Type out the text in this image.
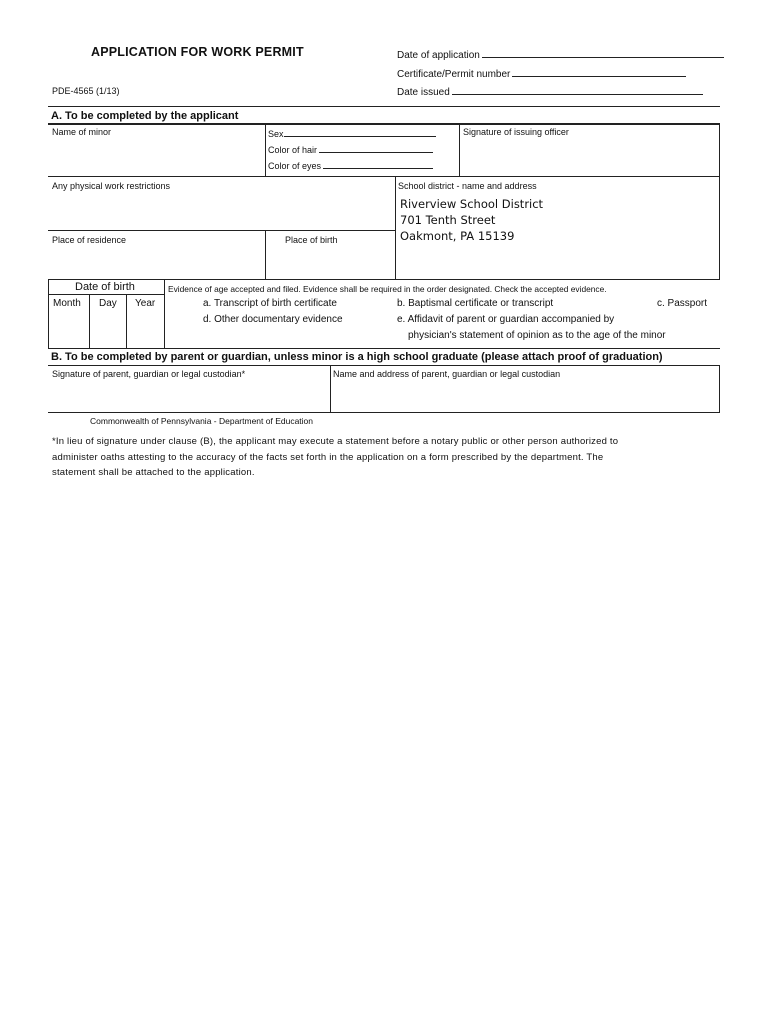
APPLICATION FOR WORK PERMIT
PDE-4565 (1/13)
Date of application
Certificate/Permit number
Date issued
A. To be completed by the applicant
Name of minor	Sex
Color of hair
Color of eyes
Signature of issuing officer
Any physical work restrictions	School district - name and address
Riverview School District
701 Tenth Street
Oakmont, PA 15139
Place of residence	Place of birth
Date of birth
Month Day Year
Evidence of age accepted and filed. Evidence shall be required in the order designated. Check the accepted evidence.
a. Transcript of birth certificate	b. Baptismal certificate or transcript	c. Passport
d. Other documentary evidence	e. Affidavit of parent or guardian accompanied by
physician's statement of opinion as to the age of the minor
B. To be completed by parent or guardian, unless minor is a high school graduate (please attach proof of graduation)
Signature of parent, guardian or legal custodian*	Name and address of parent, guardian or legal custodian
Commonwealth of Pennsylvania - Department of Education
*In lieu of signature under clause (B), the applicant may execute a statement before a notary public or other person authorized to
administer oaths attesting to the accuracy of the facts set forth in the application on a form prescribed by the department. The
statement shall be attached to the application.
